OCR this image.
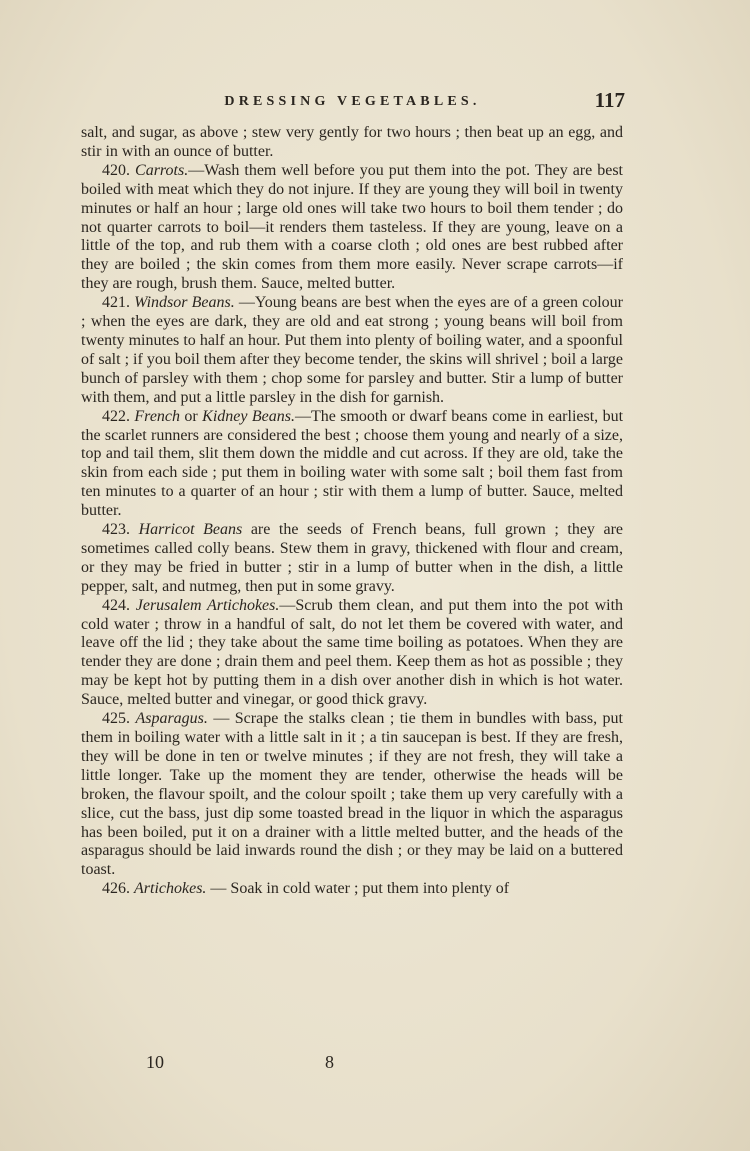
DRESSING VEGETABLES.	117

salt, and sugar, as above ; stew very gently for two hours ; then beat up an egg, and stir in with an ounce of butter.

420. Carrots.—Wash them well before you put them into the pot. They are best boiled with meat which they do not injure. If they are young they will boil in twenty minutes or half an hour ; large old ones will take two hours to boil them tender ; do not quarter carrots to boil—it renders them tasteless. If they are young, leave on a little of the top, and rub them with a coarse cloth ; old ones are best rubbed after they are boiled ; the skin comes from them more easily. Never scrape carrots—if they are rough, brush them. Sauce, melted butter.

421. Windsor Beans. —Young beans are best when the eyes are of a green colour ; when the eyes are dark, they are old and eat strong ; young beans will boil from twenty minutes to half an hour. Put them into plenty of boiling water, and a spoonful of salt ; if you boil them after they become tender, the skins will shrivel ; boil a large bunch of parsley with them ; chop some for parsley and butter. Stir a lump of butter with them, and put a little parsley in the dish for garnish.

422. French or Kidney Beans.—The smooth or dwarf beans come in earliest, but the scarlet runners are considered the best ; choose them young and nearly of a size, top and tail them, slit them down the middle and cut across. If they are old, take the skin from each side ; put them in boiling water with some salt ; boil them fast from ten minutes to a quarter of an hour ; stir with them a lump of butter. Sauce, melted butter.

423. Harricot Beans are the seeds of French beans, full grown ; they are sometimes called colly beans. Stew them in gravy, thickened with flour and cream, or they may be fried in butter ; stir in a lump of butter when in the dish, a little pepper, salt, and nutmeg, then put in some gravy.

424. Jerusalem Artichokes.—Scrub them clean, and put them into the pot with cold water ; throw in a handful of salt, do not let them be covered with water, and leave off the lid ; they take about the same time boiling as potatoes. When they are tender they are done ; drain them and peel them. Keep them as hot as possible ; they may be kept hot by putting them in a dish over another dish in which is hot water. Sauce, melted butter and vinegar, or good thick gravy.

425. Asparagus. — Scrape the stalks clean ; tie them in bundles with bass, put them in boiling water with a little salt in it ; a tin saucepan is best. If they are fresh, they will be done in ten or twelve minutes ; if they are not fresh, they will take a little longer. Take up the moment they are tender, otherwise the heads will be broken, the flavour spoilt, and the colour spoilt ; take them up very carefully with a slice, cut the bass, just dip some toasted bread in the liquor in which the asparagus has been boiled, put it on a drainer with a little melted butter, and the heads of the asparagus should be laid inwards round the dish ; or they may be laid on a buttered toast.

426. Artichokes. — Soak in cold water ; put them into plenty of

10	8
